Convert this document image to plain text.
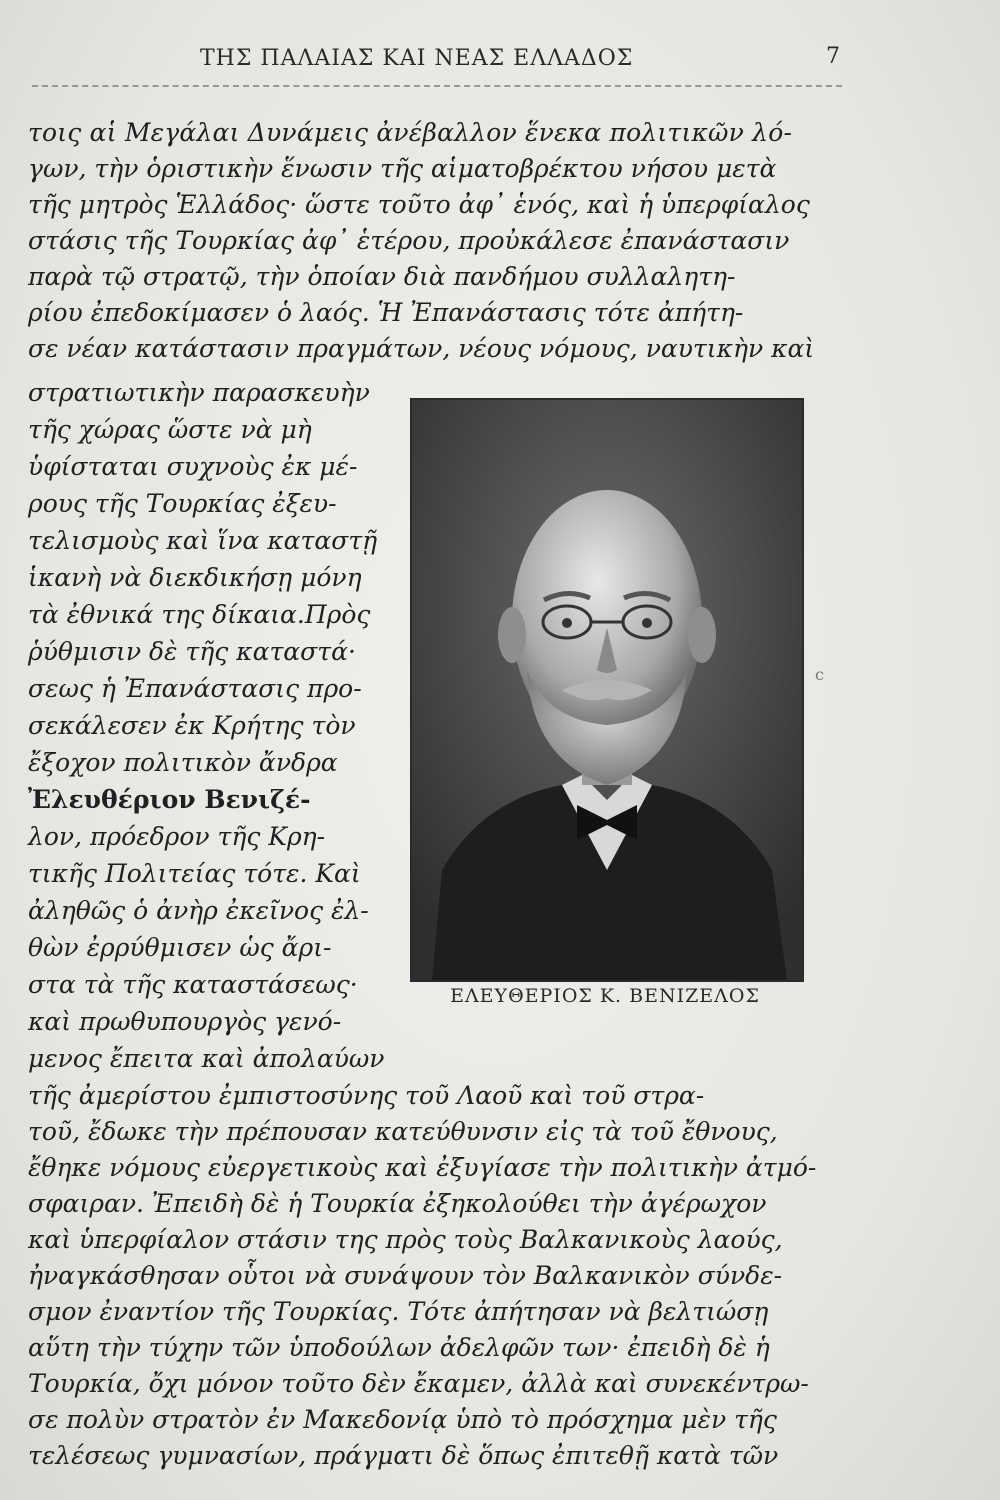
ΤΗΣ ΠΑΛΑΙΑΣ ΚΑΙ ΝΕΑΣ ΕΛΛΑΔΟΣ	7
τοις αἱ Μεγάλαι Δυνάμεις ἀνέβαλλον ἕνεκα πολιτικῶν λό-
γων, τὴν ὁριστικὴν ἕνωσιν τῆς αἱματοβρέκτου νήσου μετὰ
τῆς μητρὸς Ἑλλάδος· ὥστε τοῦτο ἀφ᾽ ἑνός, καὶ ἡ ὑπερφίαλος
στάσις τῆς Τουρκίας ἀφ᾽ ἑτέρου, προὐκάλεσε ἐπανάστασιν
παρὰ τῷ στρατῷ, τὴν ὁποίαν διὰ πανδήμου συλλαλητη-
ρίου ἐπεδοκίμασεν ὁ λαός. Ἡ Ἐπανάστασις τότε ἀπήτη-
σε νέαν κατάστασιν πραγμάτων, νέους νόμους, ναυτικὴν καὶ
στρατιωτικὴν παρασκευὴν
τῆς χώρας ὥστε νὰ μὴ
ὑφίσταται συχνοὺς ἐκ μέ-
ρους τῆς Τουρκίας ἐξευ-
τελισμοὺς καὶ ἵνα καταστῇ
ἱκανὴ νὰ διεκδικήσῃ μόνη
τὰ ἐθνικά της δίκαια.Πρὸς
ῥύθμισιν δὲ τῆς καταστά·
σεως ἡ Ἐπανάστασις προ-
σεκάλεσεν ἐκ Κρήτης τὸν
ἔξοχον πολιτικὸν ἄνδρα
Ἐλευθέριον Βενιζέ-
λον, πρόεδρον τῆς Κρη-
τικῆς Πολιτείας τότε. Καὶ
ἀληθῶς ὁ ἀνὴρ ἐκεῖνος ἐλ-
θὼν ἐρρύθμισεν ὡς ἄρι-
στα τὰ τῆς καταστάσεως·
καὶ πρωθυπουργὸς γενό-
μενος ἔπειτα καὶ ἀπολαύων
ΕΛΕΥΘΕΡΙΟΣ Κ. ΒΕΝΙΖΕΛΟΣ
c
τῆς ἀμερίστου ἐμπιστοσύνης τοῦ Λαοῦ καὶ τοῦ στρα-
τοῦ, ἔδωκε τὴν πρέπουσαν κατεύθυνσιν εἰς τὰ τοῦ ἔθνους,
ἔθηκε νόμους εὐεργετικοὺς καὶ ἐξυγίασε τὴν πολιτικὴν ἀτμό-
σφαιραν. Ἐπειδὴ δὲ ἡ Τουρκία ἐξηκολούθει τὴν ἀγέρωχον
καὶ ὑπερφίαλον στάσιν της πρὸς τοὺς Βαλκανικοὺς λαούς,
ἠναγκάσθησαν οὗτοι νὰ συνάψουν τὸν Βαλκανικὸν σύνδε-
σμον ἐναντίον τῆς Τουρκίας. Τότε ἀπήτησαν νὰ βελτιώσῃ
αὕτη τὴν τύχην τῶν ὑποδούλων ἀδελφῶν των· ἐπειδὴ δὲ ἡ
Τουρκία, ὄχι μόνον τοῦτο δὲν ἔκαμεν, ἀλλὰ καὶ συνεκέντρω-
σε πολὺν στρατὸν ἐν Μακεδονίᾳ ὑπὸ τὸ πρόσχημα μὲν τῆς
τελέσεως γυμνασίων, πράγματι δὲ ὅπως ἐπιτεθῇ κατὰ τῶν
